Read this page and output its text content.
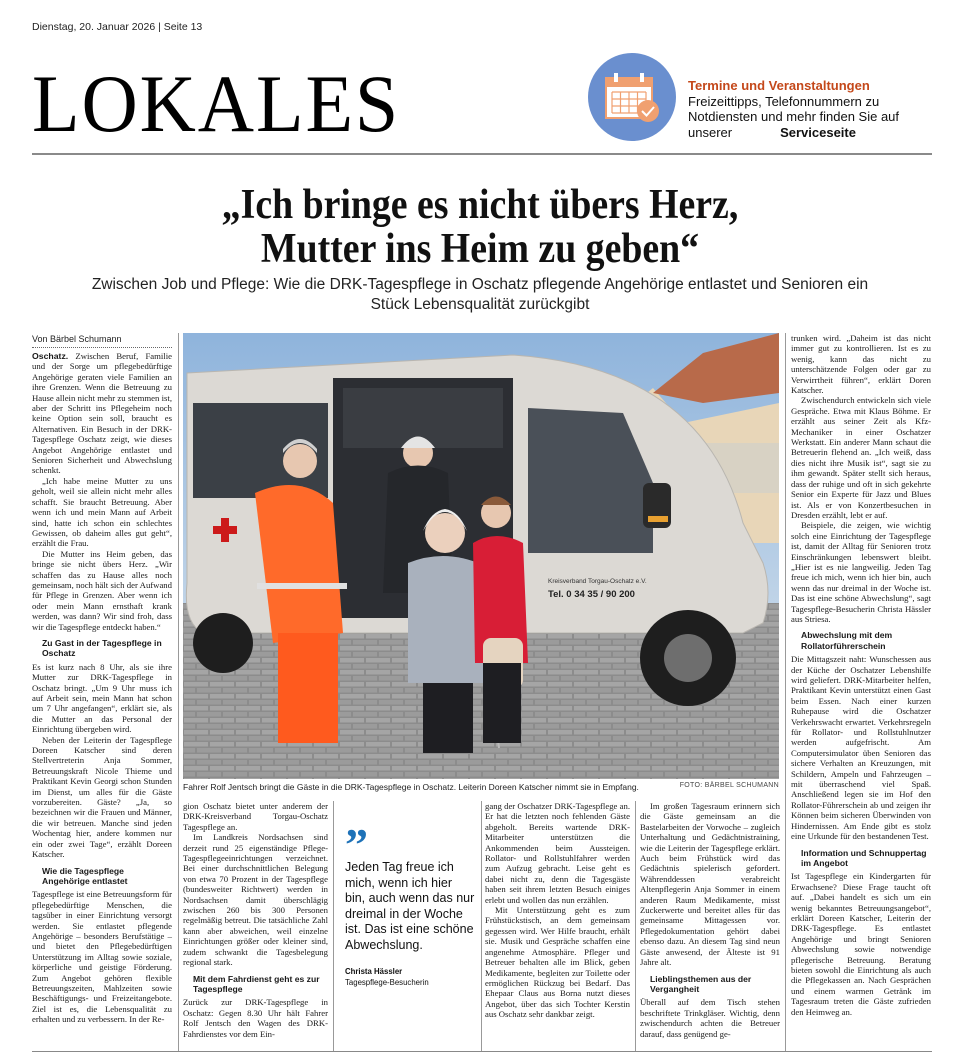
Dienstag, 20. Januar 2026 | Seite 13
LOKALES	Termine und Veranstaltungen
Freizeittipps, Telefonnummern zu Notdiensten und mehr finden Sie auf unserer	Serviceseite
„Ich bringe es nicht übers Herz,
Mutter ins Heim zu geben“
Zwischen Job und Pflege: Wie die DRK-Tagespflege in Oschatz pflegende Angehörige entlastet und Senioren ein Stück Lebensqualität zurückgibt
Von Bärbel Schumann

Oschatz. Zwischen Beruf, Familie und der Sorge um pflegebedürftige Angehörige geraten viele Familien an ihre Grenzen. Wenn die Betreuung zu Hause allein nicht mehr zu stemmen ist, aber der Schritt ins Pflegeheim noch keine Option sein soll, braucht es Alternativen. Ein Besuch in der DRK-Tagespflege Oschatz zeigt, wie dieses Angebot Angehörige entlastet und Senioren Sicherheit und Abwechslung schenkt.

„Ich habe meine Mutter zu uns geholt, weil sie allein nicht mehr alles schafft. Sie braucht Betreuung. Aber wenn ich und mein Mann auf Arbeit sind, hatte ich schon ein schlechtes Gewissen, ob daheim alles gut geht“, erzählt die Frau.

Die Mutter ins Heim geben, das bringe sie nicht übers Herz. „Wir schaffen das zu Hause alles noch gemeinsam, noch hält sich der Aufwand für Pflege in Grenzen. Aber wenn ich oder mein Mann ernsthaft krank werden, was dann? Wir sind froh, dass wir die Tagespflege entdeckt haben.“

Zu Gast in der Tagespflege in Oschatz

Es ist kurz nach 8 Uhr, als sie ihre Mutter zur DRK-Tagespflege in Oschatz bringt. „Um 9 Uhr muss ich auf Arbeit sein, mein Mann hat schon um 7 Uhr angefangen“, erklärt sie, als die Mutter an das Personal der Einrichtung übergeben wird.

Neben der Leiterin der Tagespflege Doreen Katscher sind deren Stellvertreterin Anja Sommer, Betreuungskraft Nicole Thieme und Praktikant Kevin Georgi schon Stunden im Dienst, um alles für die Gäste vorzubereiten. Gäste? „Ja, so bezeichnen wir die Frauen und Männer, die wir betreuen. Manche sind jeden Wochentag hier, andere kommen nur ein oder zwei Tage“, erzählt Doreen Katscher.

Wie die Tagespflege Angehörige entlastet

Tagespflege ist eine Betreuungsform für pflegebedürftige Menschen, die tagsüber in einer Einrichtung versorgt werden. Sie entlastet pflegende Angehörige – besonders Berufstätige – und bietet den Pflegebedürftigen Unterstützung im Alltag sowie soziale, körperliche und geistige Förderung. Zum Angebot gehören flexible Betreuungszeiten, Mahlzeiten sowie Beschäftigungs- und Freizeitangebote. Ziel ist es, die Lebensqualität zu erhalten und zu verbessern. In der Re-

Kreisverband Torgau-Oschatz e.V.
Tel. 0 34 35 / 90 200
Fahrer Rolf Jentsch bringt die Gäste in die DRK-Tagespflege in Oschatz. Leiterin Doreen Katscher nimmt sie in Empfang.	FOTO: BÄRBEL SCHUMANN

gion Oschatz bietet unter anderem der DRK-Kreisverband Torgau-Oschatz Tagespflege an.

Im Landkreis Nordsachsen sind derzeit rund 25 eigenständige Pflege-Tagespflegeeinrichtungen verzeichnet. Bei einer durchschnittlichen Belegung von etwa 70 Prozent in der Tagespflege (bundesweiter Richtwert) werden in Nordsachsen damit überschlägig zwischen 260 bis 300 Personen regelmäßig betreut. Die tatsächliche Zahl kann aber abweichen, weil einzelne Einrichtungen größer oder kleiner sind, zudem schwankt die Tagesbelegung regional stark.

Mit dem Fahrdienst geht es zur Tagespflege

Zurück zur DRK-Tagespflege in Oschatz: Gegen 8.30 Uhr hält Fahrer Rolf Jentsch den Wagen des DRK-Fahrdienstes vor dem Ein-

”
Jeden Tag freue ich mich, wenn ich hier bin, auch wenn das nur dreimal in der Woche ist. Das ist eine schöne Abwechslung.
Christa Hässler
Tagespflege-Besucherin

gang der Oschatzer DRK-Tagespflege an. Er hat die letzten noch fehlenden Gäste abgeholt. Bereits wartende DRK-Mitarbeiter unterstützen die Ankommenden beim Aussteigen. Rollator- und Rollstuhlfahrer werden zum Aufzug gebracht. Leise geht es dabei nicht zu, denn die Tagesgäste haben seit ihrem letzten Besuch einiges erlebt und wollen das nun erzählen.

Mit Unterstützung geht es zum Frühstückstisch, an dem gemeinsam gegessen wird. Wer Hilfe braucht, erhält sie. Musik und Gespräche schaffen eine angenehme Atmosphäre. Pfleger und Betreuer behalten alle im Blick, geben Medikamente, begleiten zur Toilette oder ermöglichen Rückzug bei Bedarf. Das Ehepaar Claus aus Borna nutzt dieses Angebot, über das sich Tochter Kerstin aus Oschatz sehr dankbar zeigt.

Im großen Tagesraum erinnern sich die Gäste gemeinsam an die Bastelarbeiten der Vorwoche – zugleich Unterhaltung und Gedächtnistraining, wie die Leiterin der Tagespflege erklärt. Auch beim Frühstück wird das Gedächtnis spielerisch gefordert. Währenddessen verabreicht Altenpflegerin Anja Sommer in einem anderen Raum Medikamente, misst Zuckerwerte und bereitet alles für das gemeinsame Mittagessen vor. Pflegedokumentation gehört dabei ebenso dazu. An diesem Tag sind neun Gäste anwesend, der Älteste ist 91 Jahre alt.

Lieblingsthemen aus der Vergangheit

Überall auf dem Tisch stehen beschriftete Trinkgläser. Wichtig, denn zwischendurch achten die Betreuer darauf, dass genügend ge-

trunken wird. „Daheim ist das nicht immer gut zu kontrollieren. Ist es zu wenig, kann das nicht zu unterschätzende Folgen oder gar zu Verwirrtheit führen“, erklärt Doren Katscher.

Zwischendurch entwickeln sich viele Gespräche. Etwa mit Klaus Böhme. Er erzählt aus seiner Zeit als Kfz-Mechaniker in einer Oschatzer Werkstatt. Ein anderer Mann schaut die Betreuerin flehend an. „Ich weiß, dass dies nicht ihre Musik ist“, sagt sie zu ihm gewandt. Später stellt sich heraus, dass der ruhige und oft in sich gekehrte Senior ein Experte für Jazz und Blues ist. Als er von Konzertbesuchen in Dresden erzählt, lebt er auf.

Beispiele, die zeigen, wie wichtig solch eine Einrichtung der Tagespflege ist, damit der Alltag für Senioren trotz Einschränkungen lebenswert bleibt. „Hier ist es nie langweilig. Jeden Tag freue ich mich, wenn ich hier bin, auch wenn das nur dreimal in der Woche ist. Das ist eine schöne Abwechslung“, sagt Tagespflege-Besucherin Christa Hässler aus Striesa.

Abwechslung mit dem Rollatorführerschein

Die Mittagszeit naht: Wunschessen aus der Küche der Oschatzer Lebenshilfe wird geliefert. DRK-Mitarbeiter helfen, Praktikant Kevin unterstützt einen Gast beim Essen. Nach einer kurzen Ruhepause wird die Oschatzer Verkehrswacht erwartet. Verkehrsregeln für Rollator- und Rollstuhlnutzer werden aufgefrischt. Am Computersimulator üben Senioren das sichere Verhalten an Kreuzungen, mit Schildern, Ampeln und Fahrzeugen – mit überraschend viel Spaß. Anschließend legen sie im Hof den Rollator-Führerschein ab und zeigen ihr Können beim sicheren Überwinden von Hindernissen. Am Ende gibt es stolz eine Urkunde für den bestandenen Test.

Information und Schnuppertag im Angebot

Ist Tagespflege ein Kindergarten für Erwachsene? Diese Frage taucht oft auf. „Dabei handelt es sich um ein wenig bekanntes Betreuungsangebot“, erklärt Doreen Katscher, Leiterin der DRK-Tagespflege. Es entlastet Angehörige und bringt Senioren Abwechslung sowie notwendige pflegerische Betreuung. Beratung bieten sowohl die Einrichtung als auch die Pflegekassen an. Nach Gesprächen und einem warmen Getränk im Tagesraum treten die Gäste zufrieden den Heimweg an.
